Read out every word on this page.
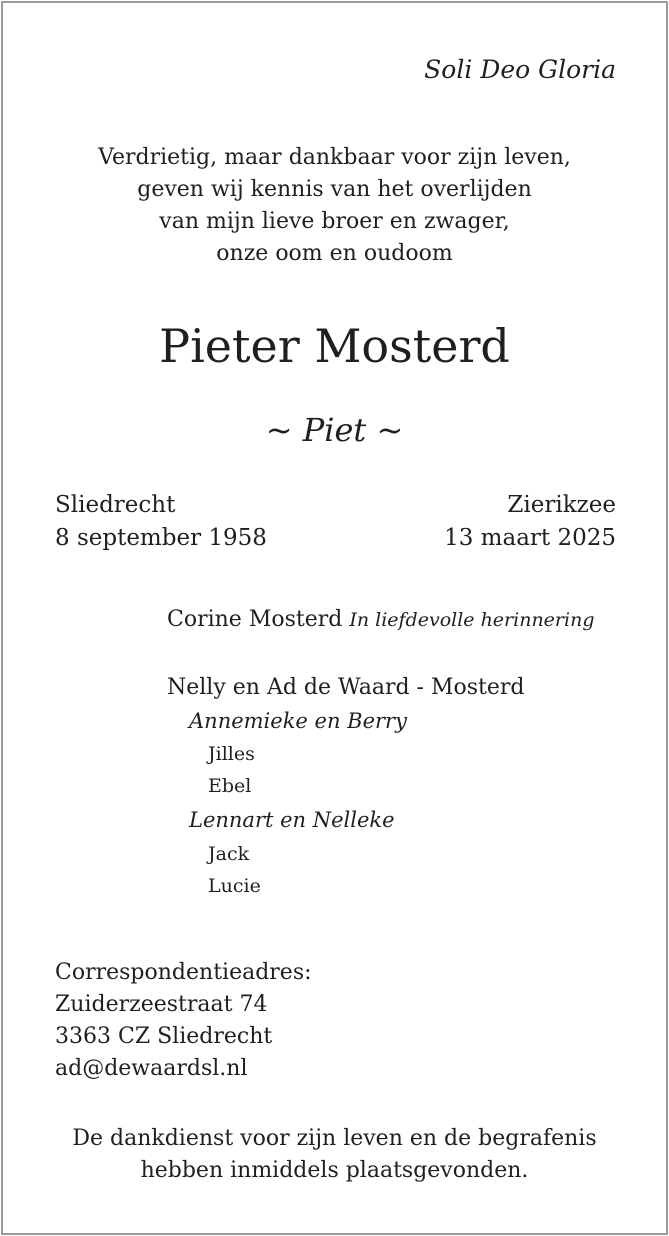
Soli Deo Gloria
Verdrietig, maar dankbaar voor zijn leven,
geven wij kennis van het overlijden
van mijn lieve broer en zwager,
onze oom en oudoom
Pieter Mosterd
~ Piet ~
Sliedrecht
8 september 1958
Zierikzee
13 maart 2025
Corine Mosterd In liefdevolle herinnering
Nelly en Ad de Waard - Mosterd
Annemieke en Berry
Jilles
Ebel
Lennart en Nelleke
Jack
Lucie
Correspondentieadres:
Zuiderzeestraat 74
3363 CZ Sliedrecht
ad@dewaardsl.nl
De dankdienst voor zijn leven en de begrafenis
hebben inmiddels plaatsgevonden.
